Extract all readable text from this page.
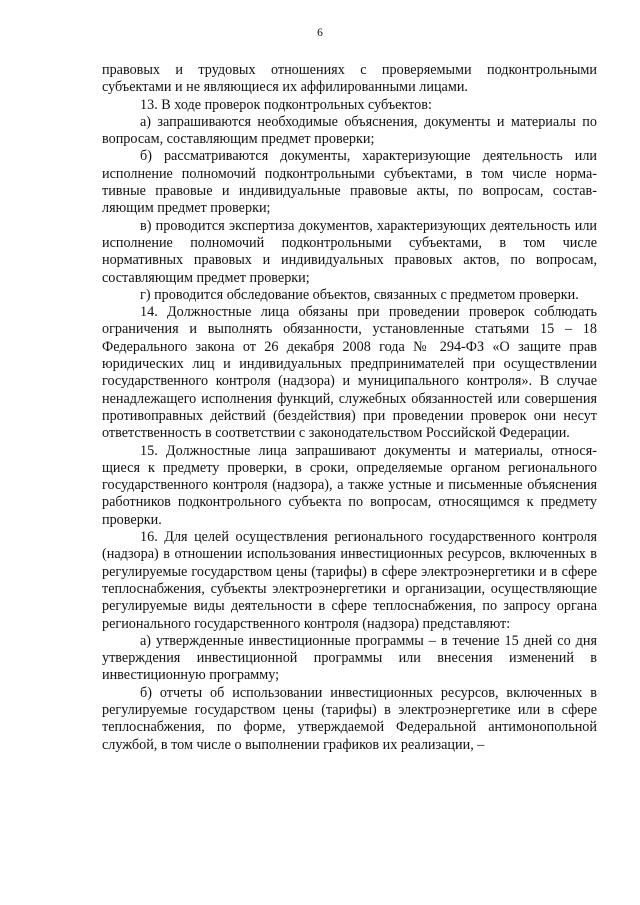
6

правовых и трудовых отношениях с проверяемыми подконтрольными субъектами и не являющиеся их аффилированными лицами.

13. В ходе проверок подконтрольных субъектов:

а) запрашиваются необходимые объяснения, документы и материалы по вопросам, составляющим предмет проверки;

б) рассматриваются документы, характеризующие деятельность или исполнение полномочий подконтрольными субъектами, в том числе нормативные правовые и индивидуальные правовые акты, по вопросам, составляющим предмет проверки;

в) проводится экспертиза документов, характеризующих деятельность или исполнение полномочий подконтрольными субъектами, в том числе нормативных правовых и индивидуальных правовых актов, по вопросам, составляющим предмет проверки;

г) проводится обследование объектов, связанных с предметом проверки.

14. Должностные лица обязаны при проведении проверок соблюдать ограничения и выполнять обязанности, установленные статьями 15 – 18 Федерального закона от 26 декабря 2008 года № 294-ФЗ «О защите прав юридических лиц и индивидуальных предпринимателей при осуществлении государственного контроля (надзора) и муниципального контроля». В случае ненадлежащего исполнения функций, служебных обязанностей или совершения противоправных действий (бездействия) при проведении проверок они несут ответственность в соответствии с законодательством Российской Федерации.

15. Должностные лица запрашивают документы и материалы, относящиеся к предмету проверки, в сроки, определяемые органом регионального государственного контроля (надзора), а также устные и письменные объяснения работников подконтрольного субъекта по вопросам, относящимся к предмету проверки.

16. Для целей осуществления регионального государственного контроля (надзора) в отношении использования инвестиционных ресурсов, включенных в регулируемые государством цены (тарифы) в сфере электроэнергетики и в сфере теплоснабжения, субъекты электроэнергетики и организации, осуществляющие регулируемые виды деятельности в сфере теплоснабжения, по запросу органа регионального государственного контроля (надзора) представляют:

а) утвержденные инвестиционные программы – в течение 15 дней со дня утверждения инвестиционной программы или внесения изменений в инвестиционную программу;

б) отчеты об использовании инвестиционных ресурсов, включенных в регулируемые государством цены (тарифы) в электроэнергетике или в сфере теплоснабжения, по форме, утверждаемой Федеральной антимонопольной службой, в том числе о выполнении графиков их реализации, –
